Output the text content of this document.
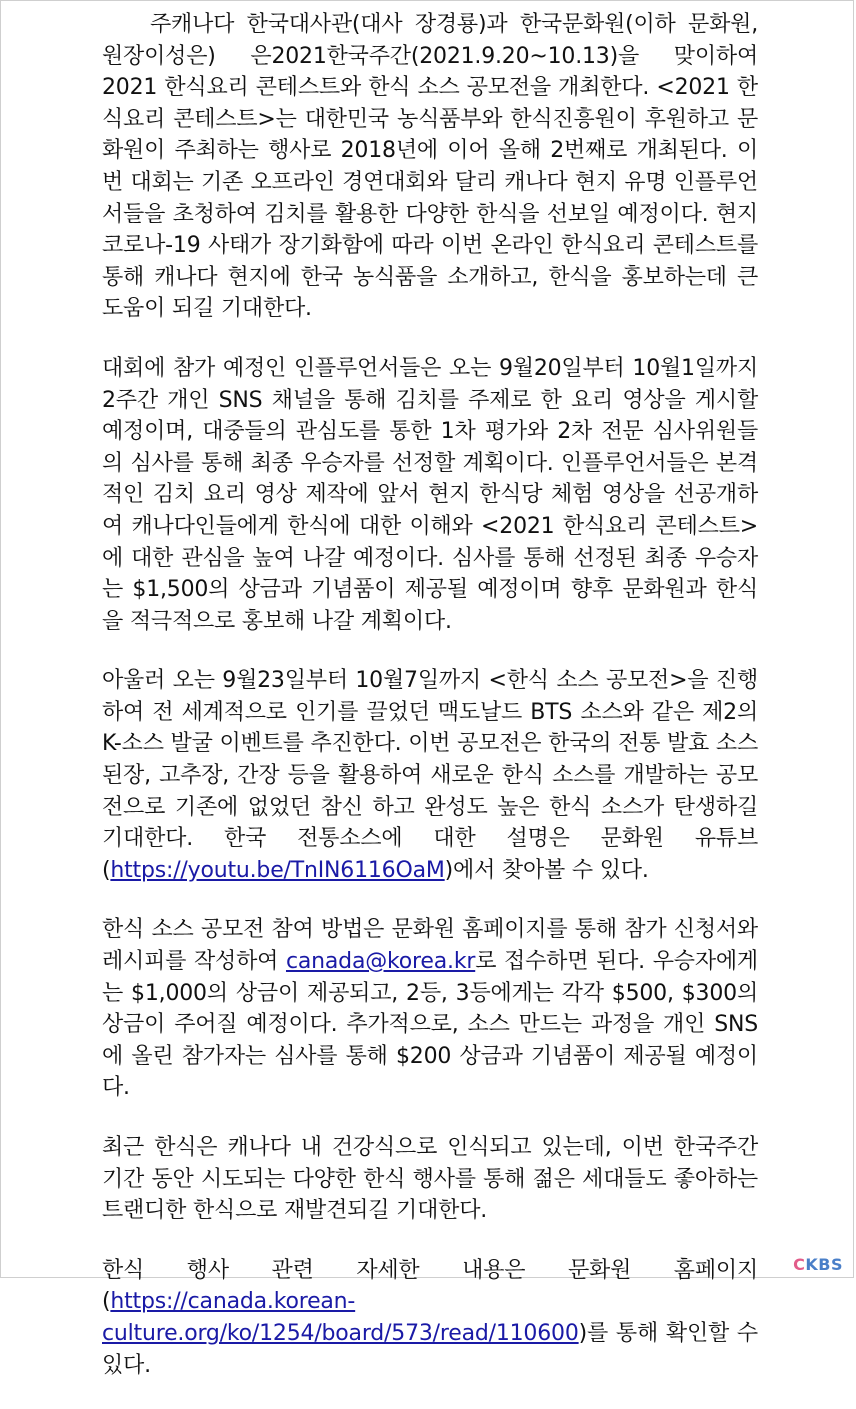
주캐나다 한국대사관(대사 장경룡)과 한국문화원(이하 문화원, 원장이성은) 은2021한국주간(2021.9.20~10.13)을 맞이하여 2021 한식요리 콘테스트와 한식 소스 공모전을 개최한다. <2021 한식요리 콘테스트>는 대한민국 농식품부와 한식진흥원이 후원하고 문화원이 주최하는 행사로 2018년에 이어 올해 2번째로 개최된다. 이번 대회는 기존 오프라인 경연대회와 달리 캐나다 현지 유명 인플루언서들을 초청하여 김치를 활용한 다양한 한식을 선보일 예정이다. 현지 코로나-19 사태가 장기화함에 따라 이번 온라인 한식요리 콘테스트를 통해 캐나다 현지에 한국 농식품을 소개하고, 한식을 홍보하는데 큰 도움이 되길 기대한다.

대회에 참가 예정인 인플루언서들은 오는 9월20일부터 10월1일까지 2주간 개인 SNS 채널을 통해 김치를 주제로 한 요리 영상을 게시할 예정이며, 대중들의 관심도를 통한 1차 평가와 2차 전문 심사위원들의 심사를 통해 최종 우승자를 선정할 계획이다. 인플루언서들은 본격적인 김치 요리 영상 제작에 앞서 현지 한식당 체험 영상을 선공개하여 캐나다인들에게 한식에 대한 이해와 <2021 한식요리 콘테스트>에 대한 관심을 높여 나갈 예정이다. 심사를 통해 선정된 최종 우승자는 $1,500의 상금과 기념품이 제공될 예정이며 향후 문화원과 한식을 적극적으로 홍보해 나갈 계획이다.

아울러 오는 9월23일부터 10월7일까지 <한식 소스 공모전>을 진행하여 전 세계적으로 인기를 끌었던 맥도날드 BTS 소스와 같은 제2의 K-소스 발굴 이벤트를 추진한다. 이번 공모전은 한국의 전통 발효 소스 된장, 고추장, 간장 등을 활용하여 새로운 한식 소스를 개발하는 공모전으로 기존에 없었던 참신 하고 완성도 높은 한식 소스가 탄생하길 기대한다. 한국 전통소스에 대한 설명은 문화원 유튜브(https://youtu.be/TnIN6116OaM)에서 찾아볼 수 있다.

한식 소스 공모전 참여 방법은 문화원 홈페이지를 통해 참가 신청서와 레시피를 작성하여 canada@korea.kr로 접수하면 된다. 우승자에게는 $1,000의 상금이 제공되고, 2등, 3등에게는 각각 $500, $300의 상금이 주어질 예정이다. 추가적으로, 소스 만드는 과정을 개인 SNS에 올린 참가자는 심사를 통해 $200 상금과 기념품이 제공될 예정이다.

최근 한식은 캐나다 내 건강식으로 인식되고 있는데, 이번 한국주간 기간 동안 시도되는 다양한 한식 행사를 통해 젊은 세대들도 좋아하는 트랜디한 한식으로 재발견되길 기대한다.

한식 행사 관련 자세한 내용은 문화원 홈페이지 (https://canada.korean-culture.org/ko/1254/board/573/read/110600)를 통해 확인할 수 있다.

CKBS
